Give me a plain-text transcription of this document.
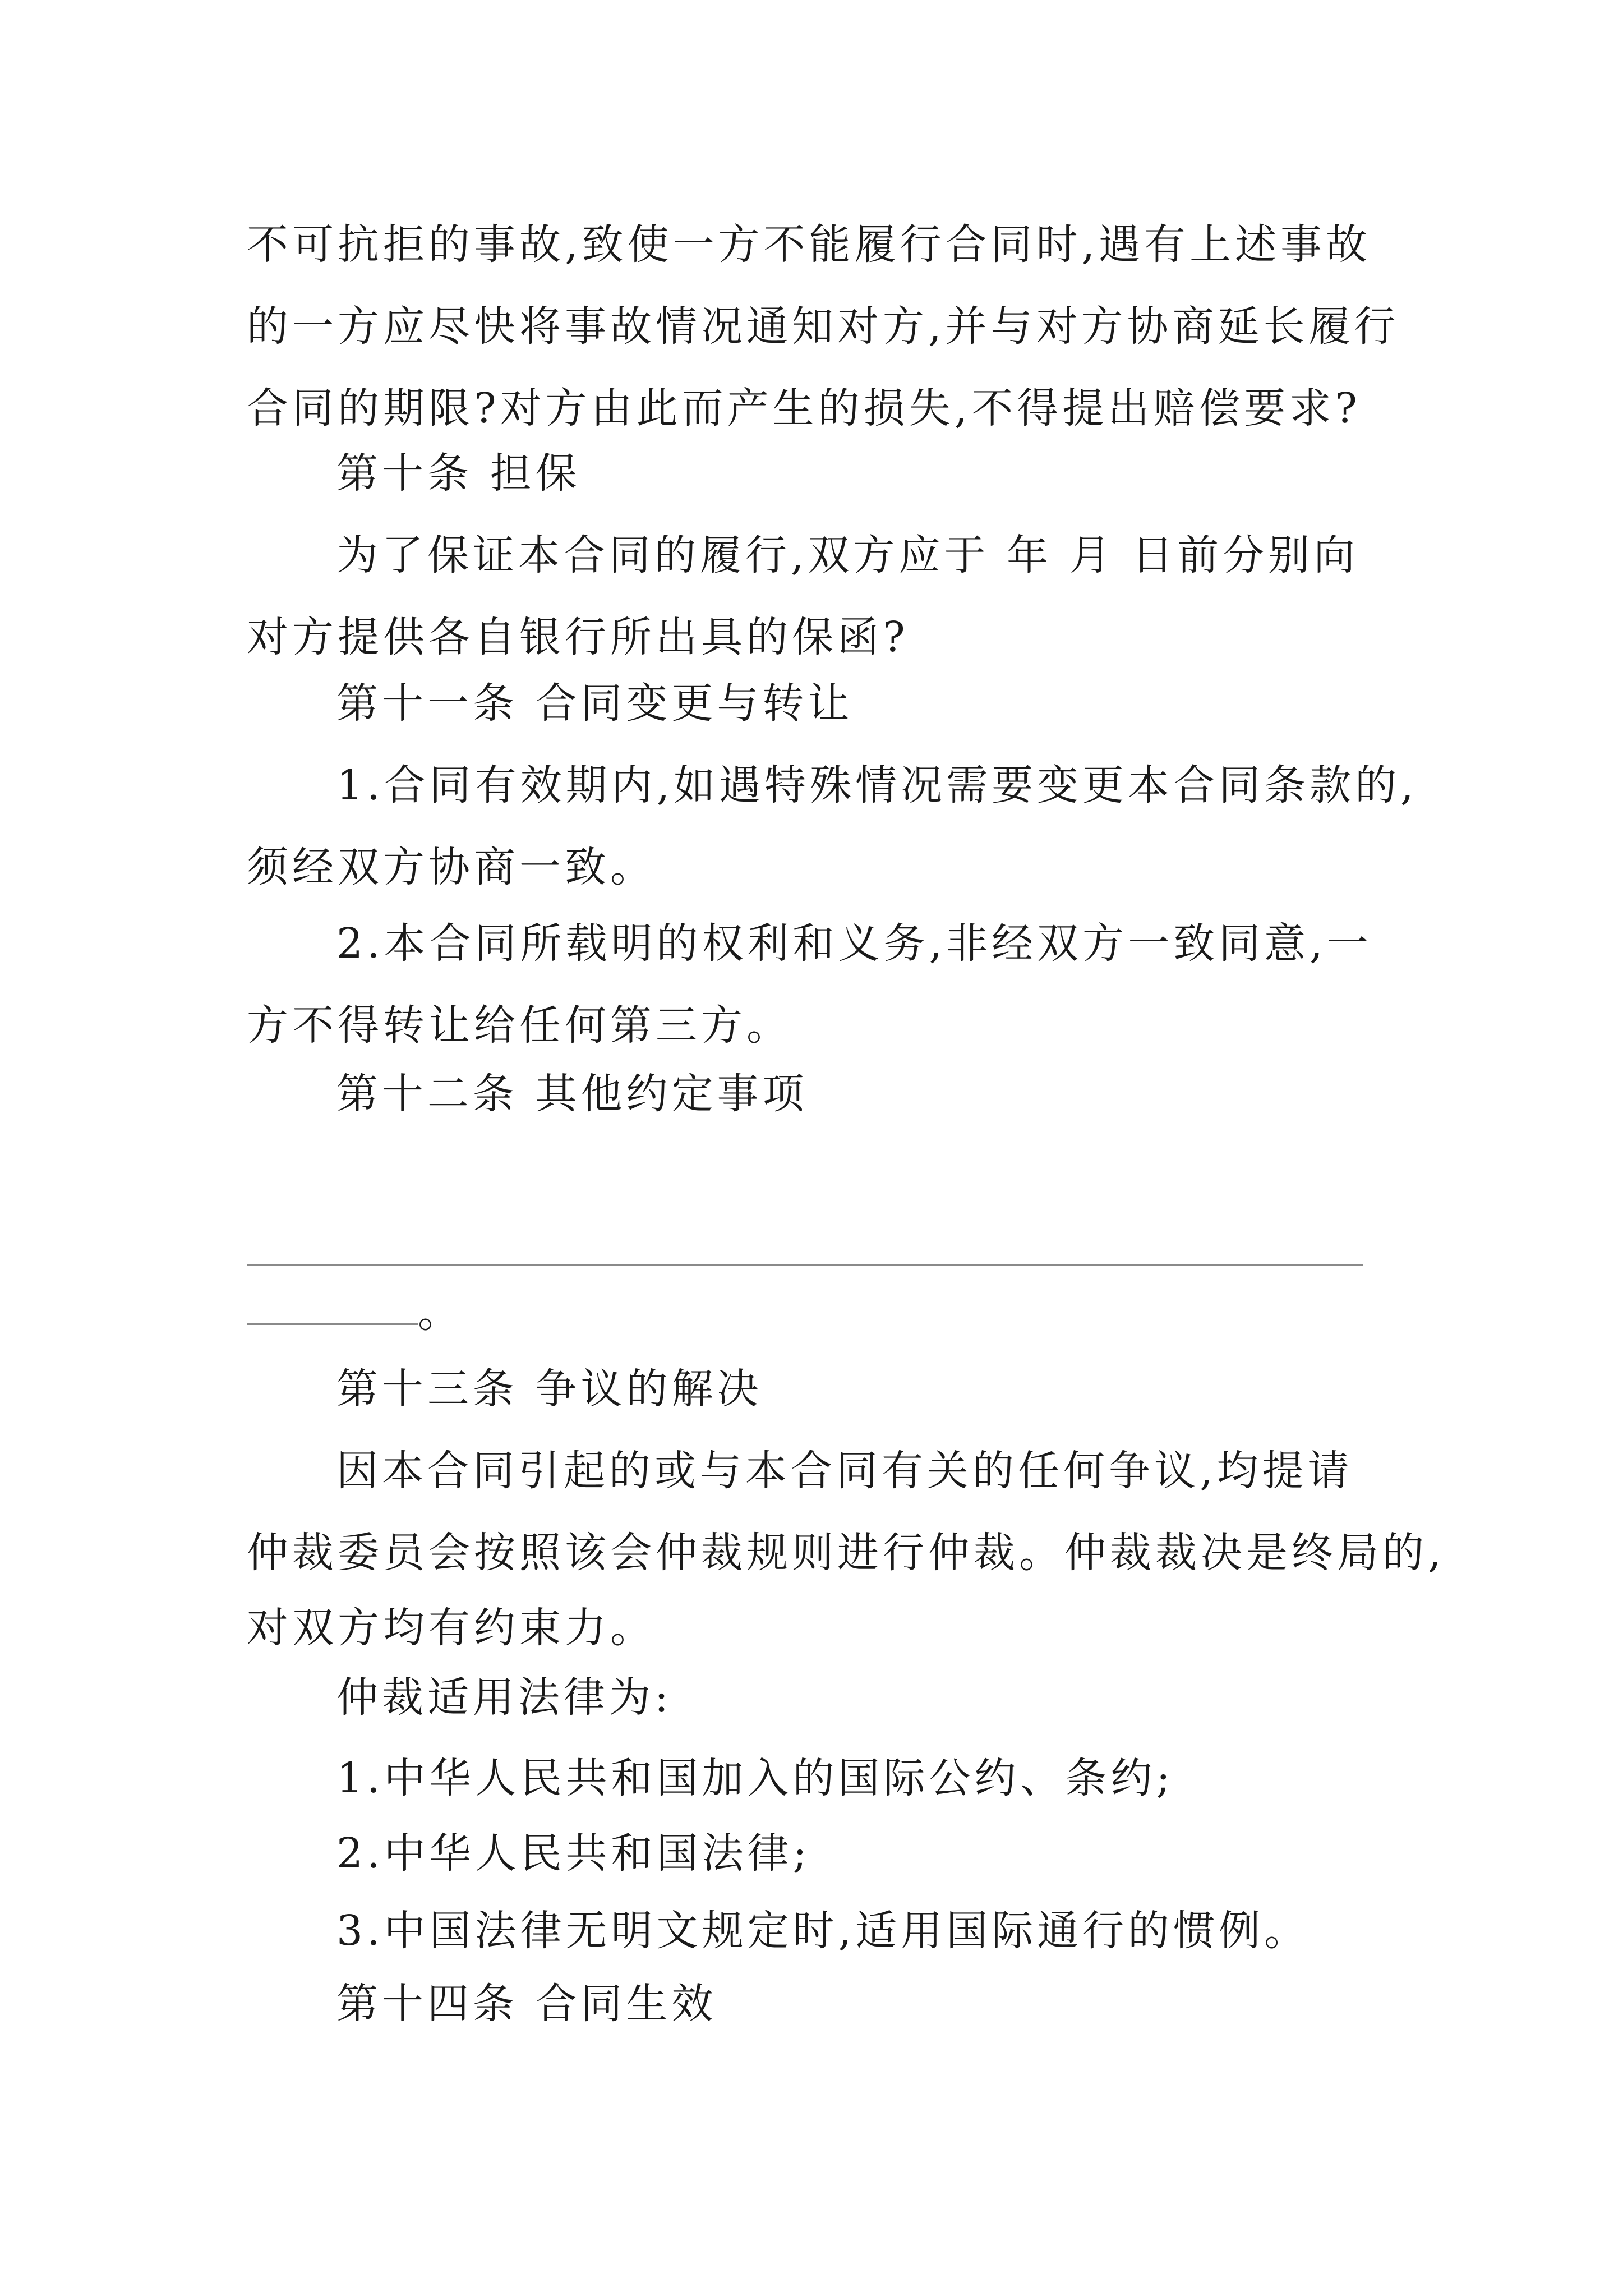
不可抗拒的事故,致使一方不能履行合同时,遇有上述事故
的一方应尽快将事故情况通知对方,并与对方协商延长履行
合同的期限?对方由此而产生的损失,不得提出赔偿要求?
第十条 担保
为了保证本合同的履行,双方应于 年 月 日前分别向
对方提供各自银行所出具的保函?
第十一条 合同变更与转让
1.合同有效期内,如遇特殊情况需要变更本合同条款的,
须经双方协商一致。
2.本合同所载明的权利和义务,非经双方一致同意,一
方不得转让给任何第三方。
第十二条 其他约定事项
。
第十三条 争议的解决
因本合同引起的或与本合同有关的任何争议,均提请
仲裁委员会按照该会仲裁规则进行仲裁。仲裁裁决是终局的,
对双方均有约束力。
仲裁适用法律为:
1.中华人民共和国加入的国际公约、条约;
2.中华人民共和国法律;
3.中国法律无明文规定时,适用国际通行的惯例。
第十四条 合同生效
